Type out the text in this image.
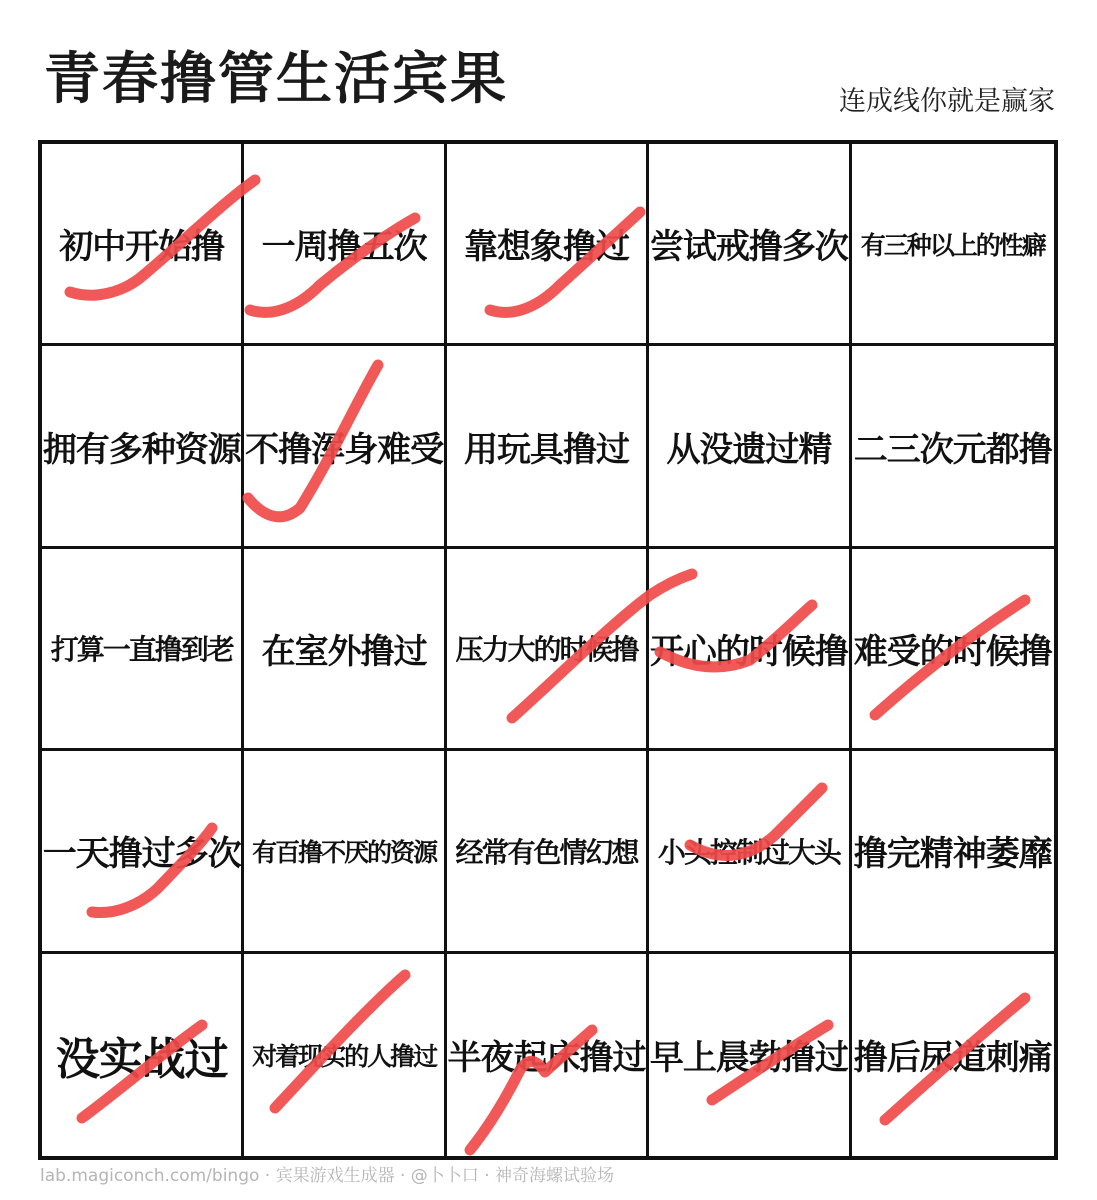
青春撸管生活宾果	连成线你就是赢家
初中开始撸 一周撸五次 靠想象撸过 尝试戒撸多次 有三种以上的性癖
拥有多种资源 不撸浑身难受 用玩具撸过 从没遗过精 二三次元都撸
打算一直撸到老 在室外撸过 压力大的时候撸 开心的时候撸 难受的时候撸
一天撸过多次 有百撸不厌的资源 经常有色情幻想 小头控制过大头 撸完精神萎靡
没实战过 对着现实的人撸过 半夜起床撸过 早上晨勃撸过 撸后尿道刺痛
lab.magiconch.com/bingo · 宾果游戏生成器 · @卜卜口 · 神奇海螺试验场
